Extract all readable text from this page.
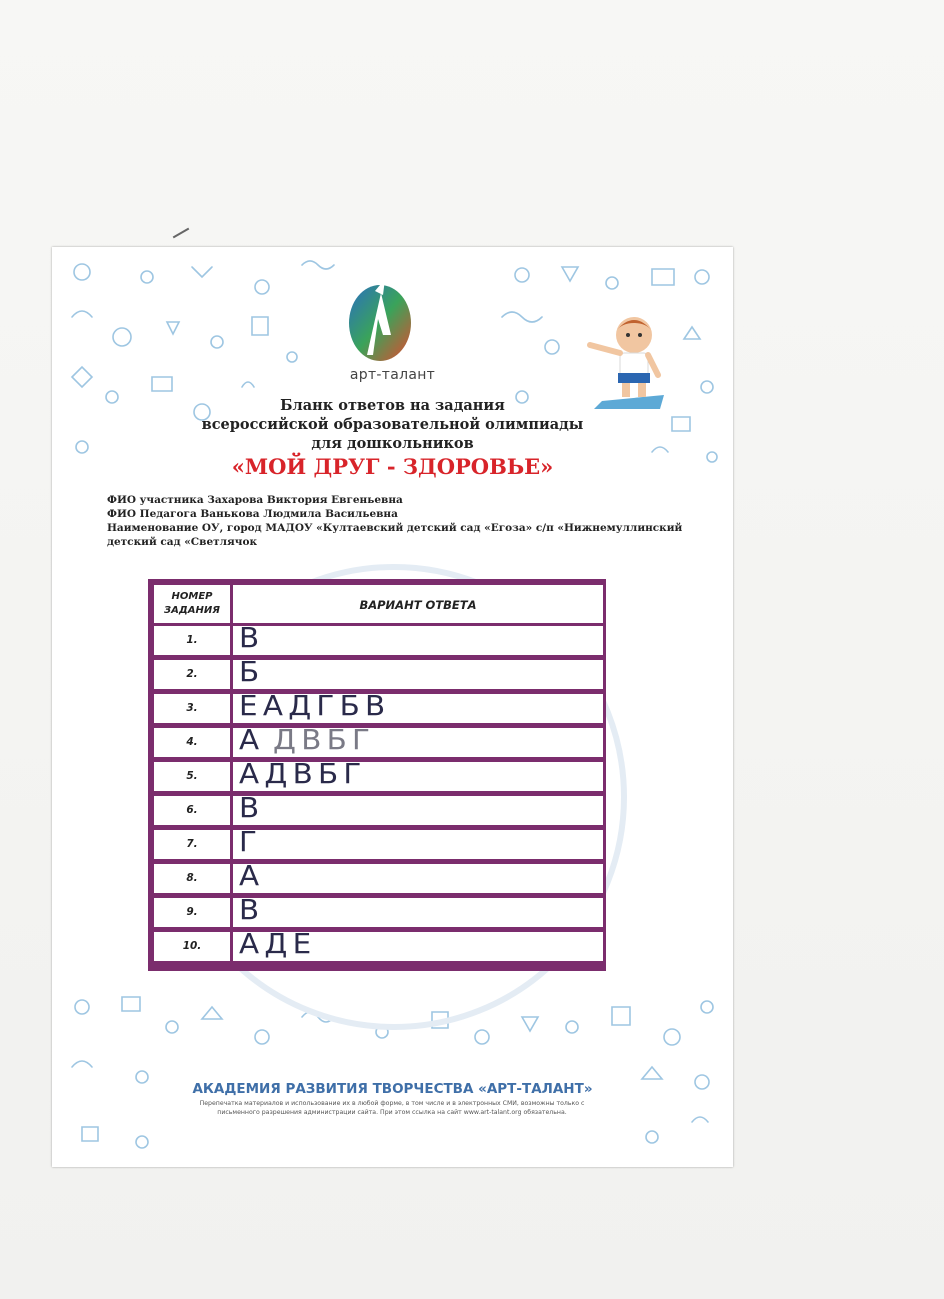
арт-талант
Бланк ответов на задания
всероссийской образовательной олимпиады
для дошкольников
«МОЙ ДРУГ - ЗДОРОВЬЕ»
ФИО участника Захарова Виктория Евгеньевна
ФИО Педагога Ванькова Людмила Васильевна
Наименование ОУ, город МАДОУ «Култаевский детский сад «Егоза» с/п «Нижнемуллинский
детский сад «Светлячок
НОМЕР
ЗАДАНИЯ	ВАРИАНТ ОТВЕТА
1.	В
2.	Б
3.	ЕАДГБВ
4.	А ДВБГ
5.	АДВБГ
6.	В
7.	Г
8.	А
9.	В
10.	АДЕ
АКАДЕМИЯ РАЗВИТИЯ ТВОРЧЕСТВА «АРТ-ТАЛАНТ»
Перепечатка материалов и использование их в любой форме, в том числе и в электронных СМИ, возможны только с
письменного разрешения администрации сайта. При этом ссылка на сайт www.art-talant.org обязательна.
